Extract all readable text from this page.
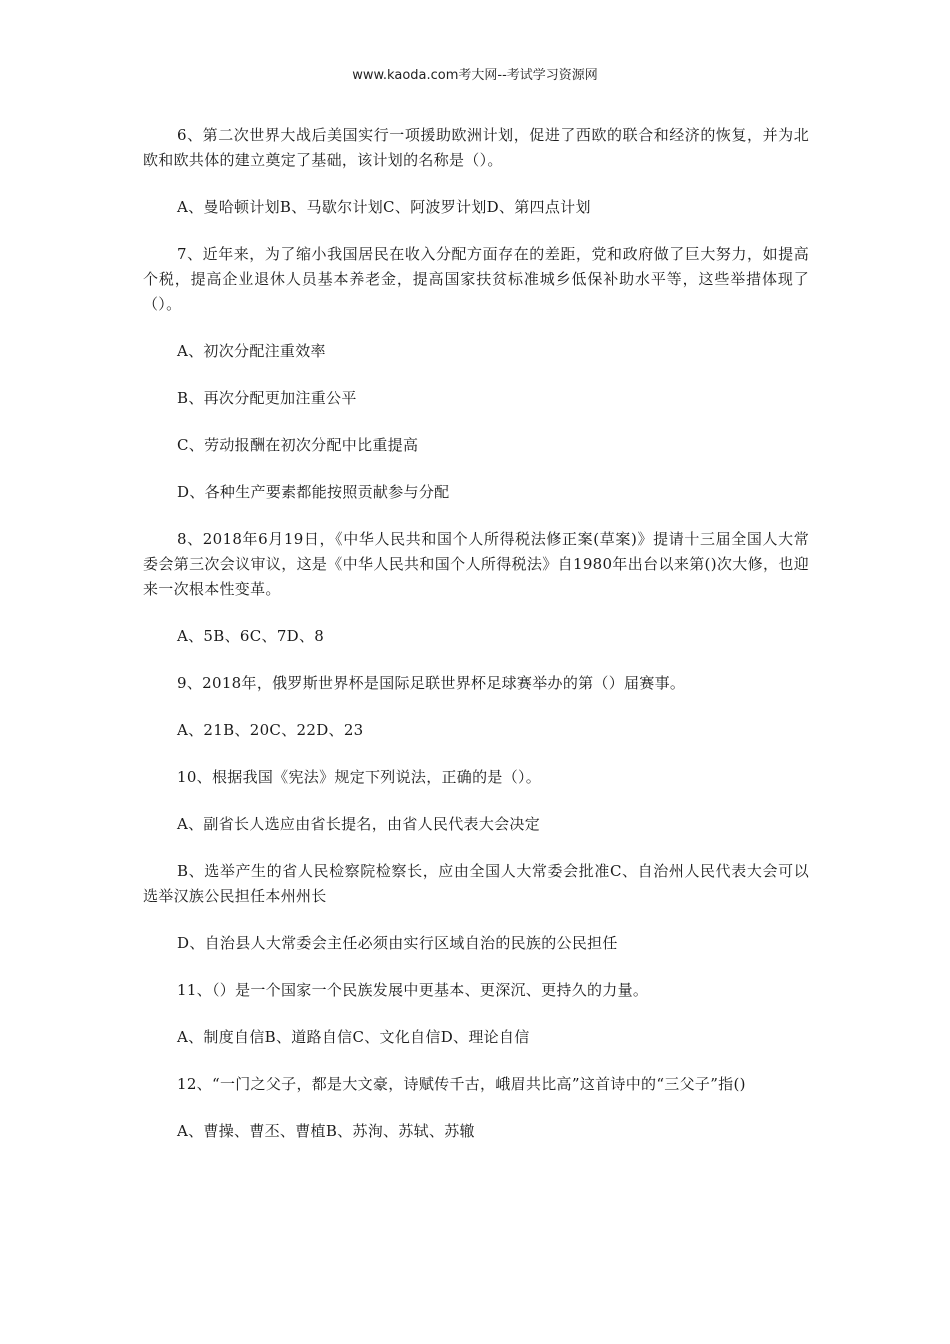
www.kaoda.com考大网--考试学习资源网

6、第二次世界大战后美国实行一项援助欧洲计划，促进了西欧的联合和经济的恢复，并为北欧和欧共体的建立奠定了基础，该计划的名称是（）。

A、曼哈顿计划B、马歇尔计划C、阿波罗计划D、第四点计划

7、近年来，为了缩小我国居民在收入分配方面存在的差距，党和政府做了巨大努力，如提高个税，提高企业退休人员基本养老金，提高国家扶贫标准城乡低保补助水平等，这些举措体现了（）。

A、初次分配注重效率

B、再次分配更加注重公平

C、劳动报酬在初次分配中比重提高

D、各种生产要素都能按照贡献参与分配

8、2018年6月19日，《中华人民共和国个人所得税法修正案(草案)》提请十三届全国人大常委会第三次会议审议，这是《中华人民共和国个人所得税法》自1980年出台以来第()次大修，也迎来一次根本性变革。

A、5B、6C、7D、8

9、2018年，俄罗斯世界杯是国际足联世界杯足球赛举办的第（）届赛事。

A、21B、20C、22D、23

10、根据我国《宪法》规定下列说法，正确的是（）。

A、副省长人选应由省长提名，由省人民代表大会决定

B、选举产生的省人民检察院检察长，应由全国人大常委会批准C、自治州人民代表大会可以选举汉族公民担任本州州长

D、自治县人大常委会主任必须由实行区域自治的民族的公民担任

11、（）是一个国家一个民族发展中更基本、更深沉、更持久的力量。

A、制度自信B、道路自信C、文化自信D、理论自信

12、“一门之父子，都是大文豪，诗赋传千古，峨眉共比高”这首诗中的“三父子”指()

A、曹操、曹丕、曹植B、苏洵、苏轼、苏辙
